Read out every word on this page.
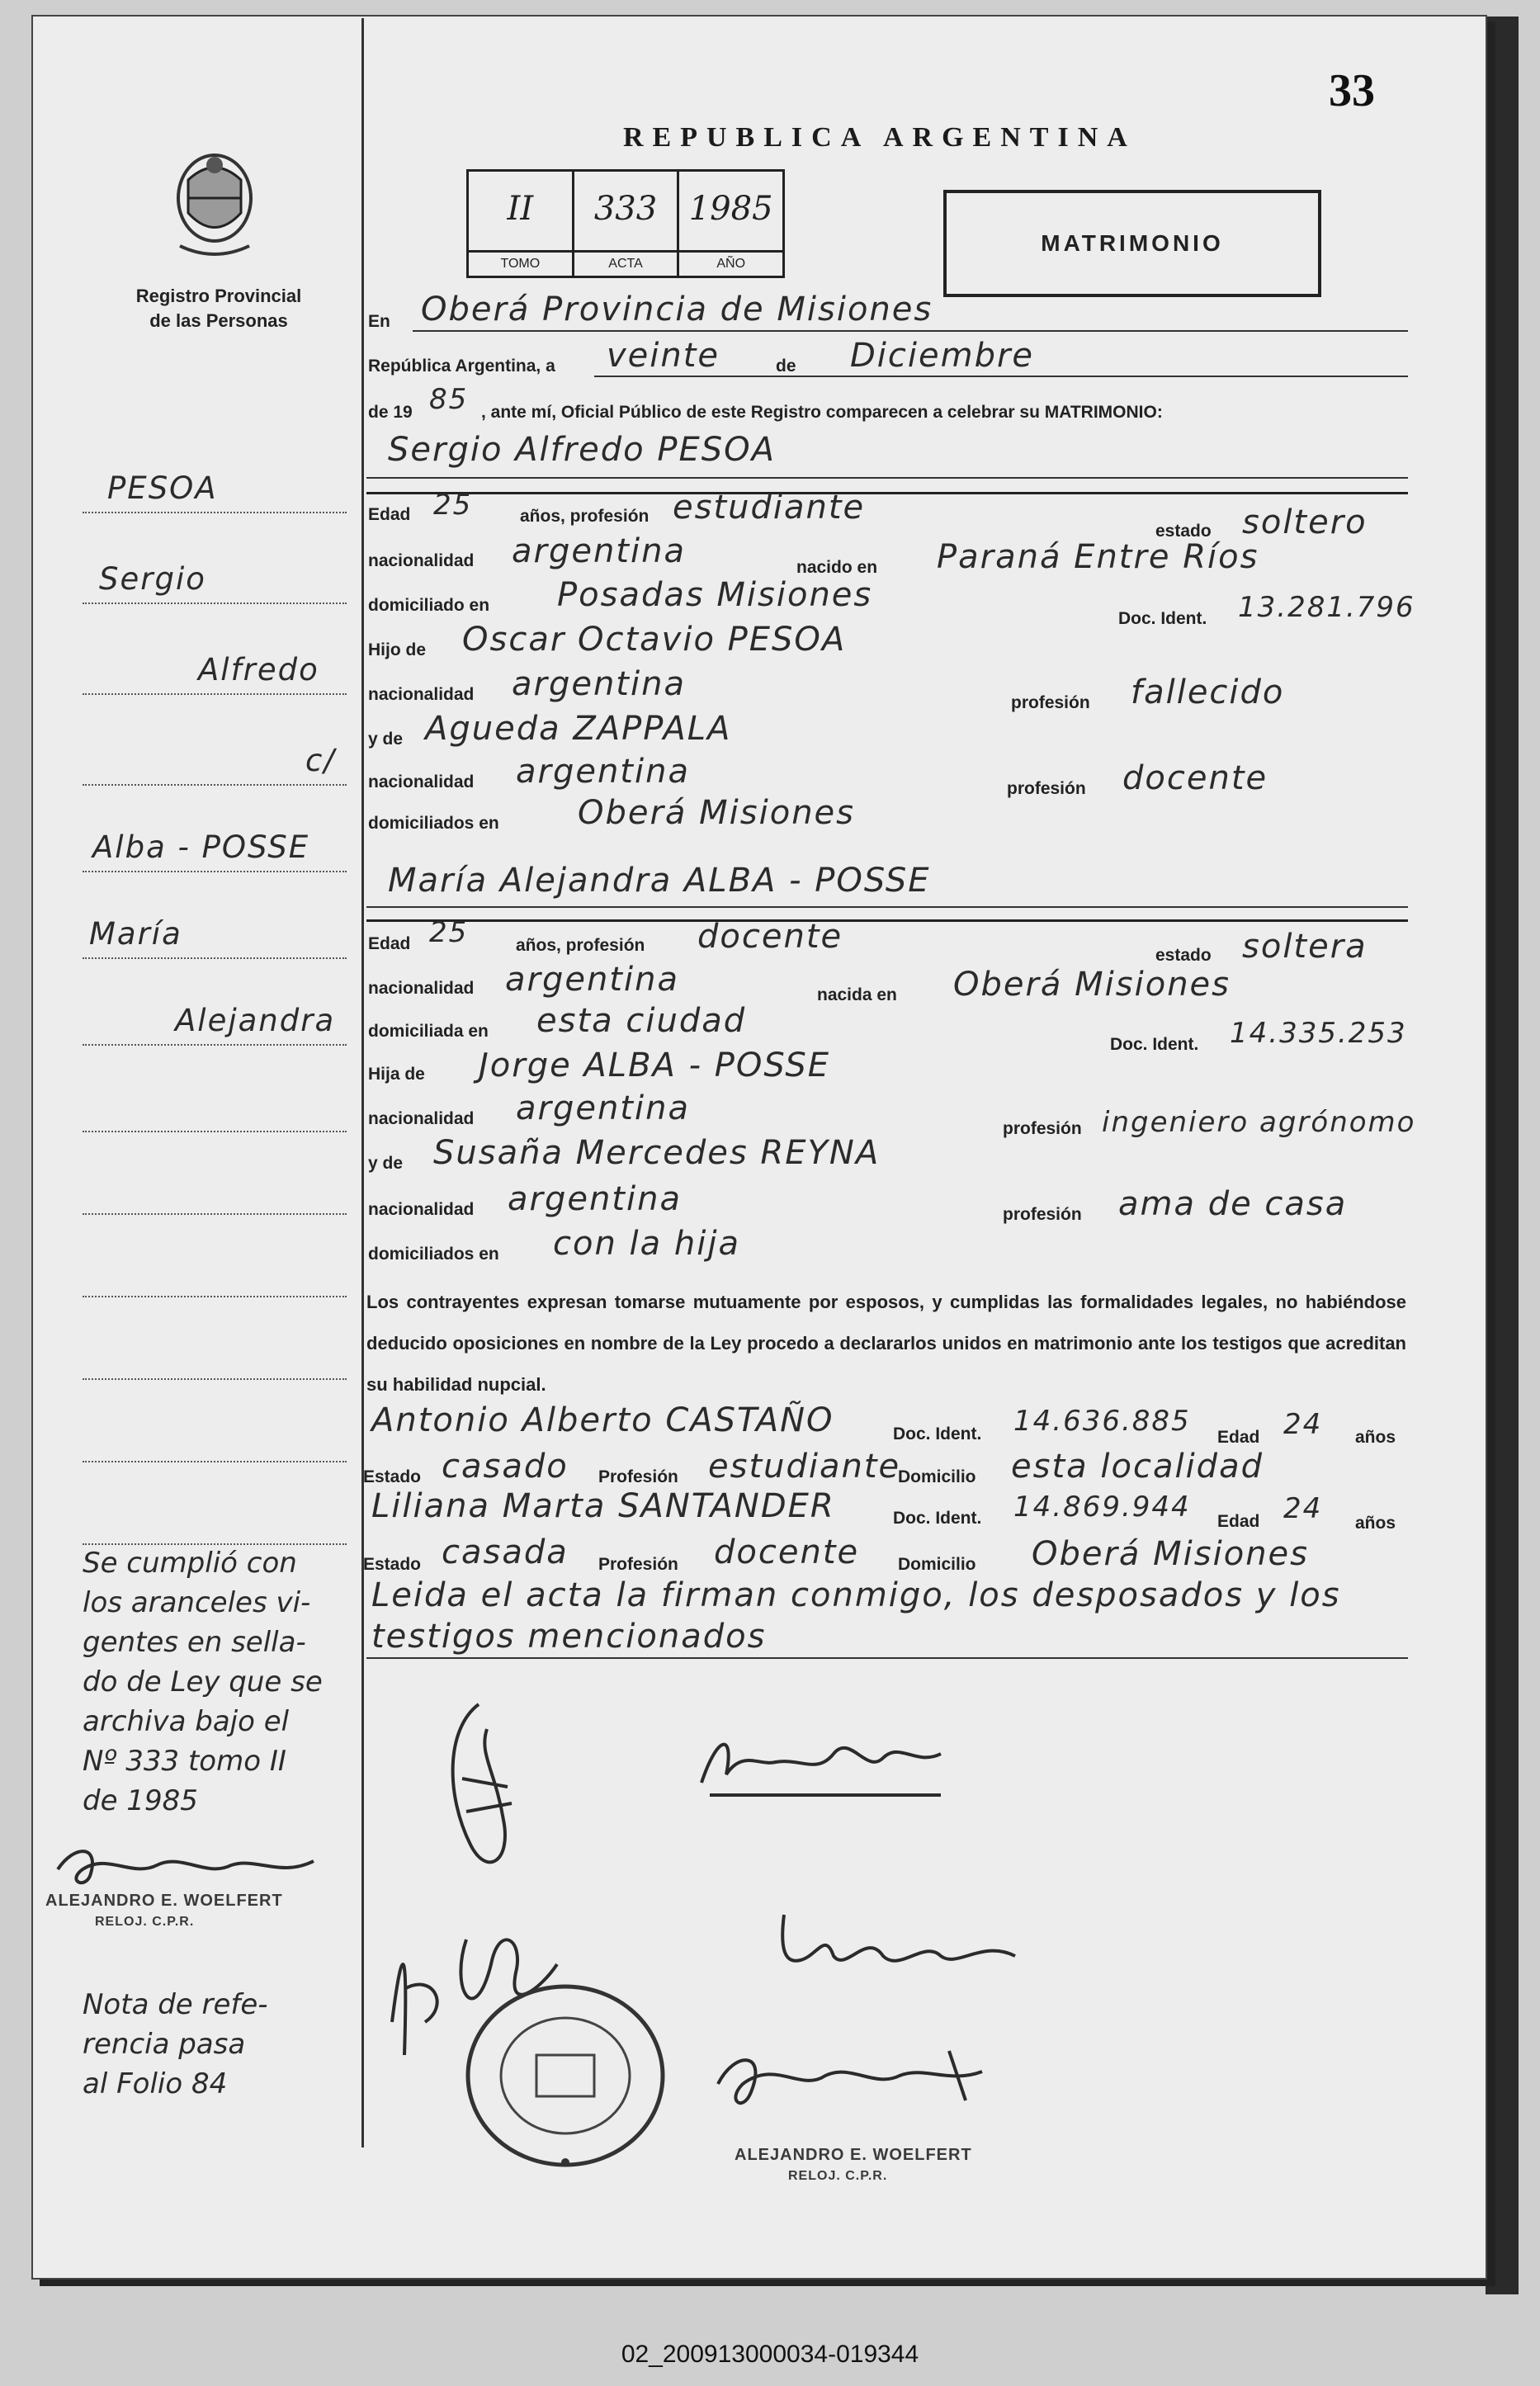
33
Registro Provincial
de las Personas
REPUBLICA ARGENTINA
II
TOMO
333
ACTA
1985
AÑO
MATRIMONIO
En Oberá Provincia de Misiones
República Argentina, a veinte	de Diciembre
de 19 85 , ante mí, Oficial Público de este Registro comparecen a celebrar su MATRIMONIO:
Sergio Alfredo PESOA
Edad 25	años, profesión estudiante
estado soltero
nacionalidad argentina	nacido en Paraná Entre Ríos
domiciliado en Posadas Misiones
Doc. Ident. 13.281.796
Hijo de Oscar Octavio PESOA
nacionalidad argentina	profesión fallecido
y de Agueda ZAPPALA
nacionalidad argentina	profesión docente
domiciliados en Oberá Misiones
María Alejandra ALBA - POSSE
Edad 25	años, profesión docente	estado soltera
nacionalidad argentina	nacida en Oberá Misiones
domiciliada en esta ciudad
Doc. Ident. 14.335.253
Hija de Jorge ALBA - POSSE
nacionalidad argentina
profesión ingeniero agrónomo
y de Susaña Mercedes REYNA
nacionalidad argentina	profesión ama de casa
domiciliados en con la hija
Los contrayentes expresan tomarse mutuamente por esposos, y cumplidas las formalidades legales, no habiéndose deducido oposiciones en nombre de la Ley procedo a declararlos unidos en matrimonio ante los testigos que acreditan su habilidad nupcial.
Antonio Alberto CASTAÑO	Doc. Ident. 14.636.885 Edad 24 años
Estado casado Profesión estudiante
Domicilio esta localidad
Liliana Marta SANTANDER	Doc. Ident. 14.869.944 Edad 24 años
Estado casada Profesión docente Domicilio Oberá Misiones
Leida el acta la firman conmigo, los desposados y los
testigos mencionados
PESOA
Sergio
Alfredo
c/
Alba - POSSE
María
Alejandra
Se cumplió con
los aranceles vi-
gentes en sella-
do de Ley que se
archiva bajo el
Nº 333 tomo II
de 1985
ALEJANDRO E. WOELFERT
RELOJ. C.P.R.
Nota de refe-
rencia pasa
al Folio 84
ALEJANDRO E. WOELFERT
RELOJ. C.P.R.
02_200913000034-019344
